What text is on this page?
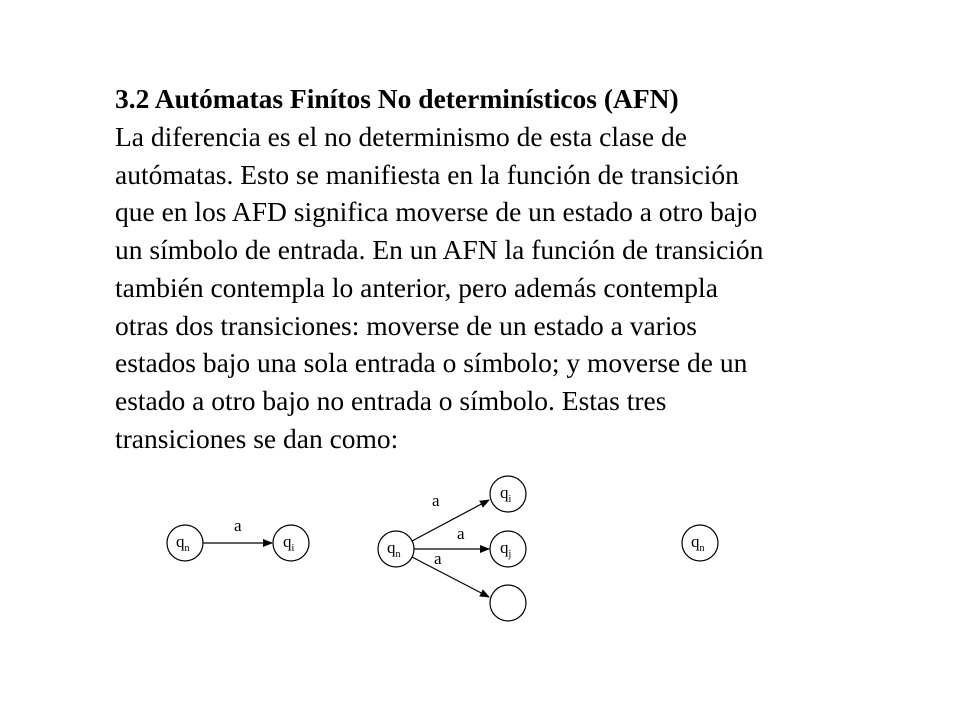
3.2 Autómatas Finítos No determinísticos (AFN)

La diferencia es el no determinismo de esta clase de

autómatas. Esto se manifiesta en la función de transición

que en los AFD significa moverse de un estado a otro bajo

un símbolo de entrada. En un AFN la función de transición

también contempla lo anterior, pero además contempla

otras dos transiciones: moverse de un estado a varios

estados bajo una sola entrada o símbolo; y moverse de un

estado a otro bajo no entrada o símbolo. Estas tres

transiciones se dan como:

$q_n$	$q_i$
a
$q_n$
$q_i$
$q_j$
a
a
a
$q_n$
